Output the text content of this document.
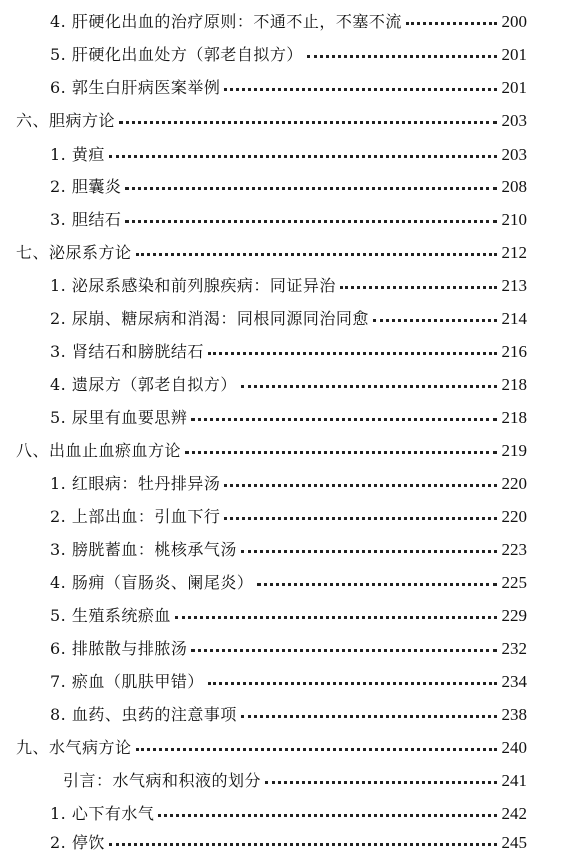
4. 肝硬化出血的治疗原则：不通不止，不塞不流	200
5. 肝硬化出血处方（郭老自拟方）	201
6. 郭生白肝病医案举例	201
六、胆病方论	203
1. 黄疸	203
2. 胆囊炎	208
3. 胆结石	210
七、泌尿系方论	212
1. 泌尿系感染和前列腺疾病：同证异治	213
2. 尿崩、糖尿病和消渴：同根同源同治同愈	214
3. 肾结石和膀胱结石	216
4. 遗尿方（郭老自拟方）	218
5. 尿里有血要思辨	218
八、出血止血瘀血方论	219
1. 红眼病：牡丹排异汤	220
2. 上部出血：引血下行	220
3. 膀胱蓄血：桃核承气汤	223
4. 肠痈（盲肠炎、阑尾炎）	225
5. 生殖系统瘀血	229
6. 排脓散与排脓汤	232
7. 瘀血（肌肤甲错）	234
8. 血药、虫药的注意事项	238
九、水气病方论	240
引言：水气病和积液的划分	241
1. 心下有水气	242
2. 停饮	245
